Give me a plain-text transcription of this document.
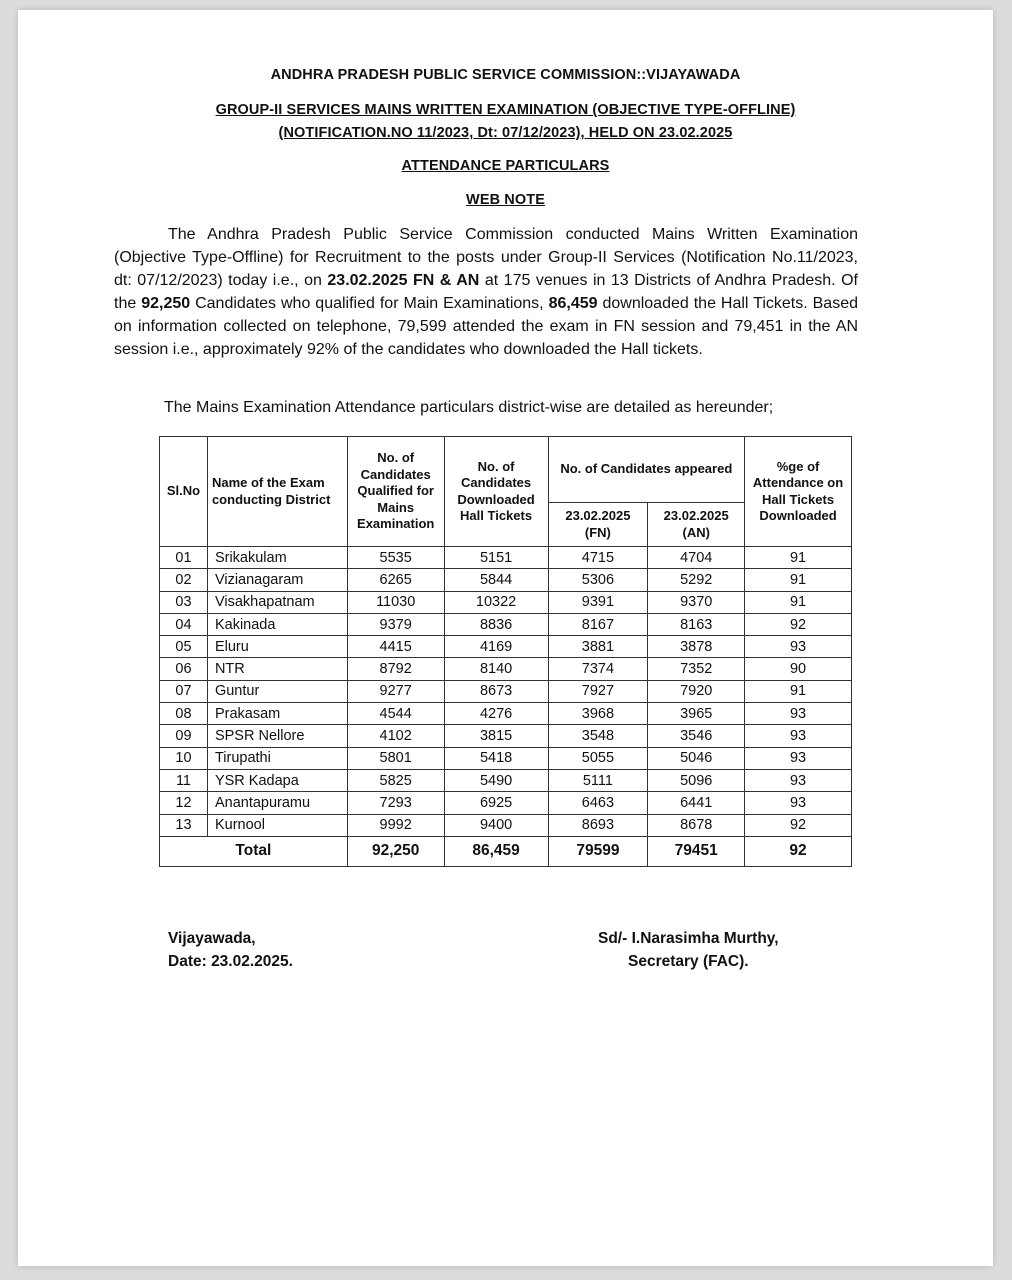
ANDHRA PRADESH PUBLIC SERVICE COMMISSION::VIJAYAWADA
GROUP-II SERVICES MAINS WRITTEN EXAMINATION (OBJECTIVE TYPE-OFFLINE)
(NOTIFICATION.NO 11/2023, Dt: 07/12/2023), HELD ON 23.02.2025
ATTENDANCE PARTICULARS
WEB NOTE
The Andhra Pradesh Public Service Commission conducted Mains Written Examination (Objective Type-Offline) for Recruitment to the posts under Group-II Services (Notification No.11/2023, dt: 07/12/2023) today i.e., on 23.02.2025 FN & AN at 175 venues in 13 Districts of Andhra Pradesh. Of the 92,250 Candidates who qualified for Main Examinations, 86,459 downloaded the Hall Tickets. Based on information collected on telephone, 79,599 attended the exam in FN session and 79,451 in the AN session i.e., approximately 92% of the candidates who downloaded the Hall tickets.
The Mains Examination Attendance particulars district-wise are detailed as hereunder;
Sl.No	Name of the Exam conducting District	No. of Candidates Qualified for Mains Examination	No. of Candidates Downloaded Hall Tickets	No. of Candidates appeared		%ge of Attendance on Hall Tickets Downloaded
				23.02.2025 (FN)	23.02.2025 (AN)	
01	Srikakulam	5535	5151	4715	4704	91
02	Vizianagaram	6265	5844	5306	5292	91
03	Visakhapatnam	11030	10322	9391	9370	91
04	Kakinada	9379	8836	8167	8163	92
05	Eluru	4415	4169	3881	3878	93
06	NTR	8792	8140	7374	7352	90
07	Guntur	9277	8673	7927	7920	91
08	Prakasam	4544	4276	3968	3965	93
09	SPSR Nellore	4102	3815	3548	3546	93
10	Tirupathi	5801	5418	5055	5046	93
11	YSR Kadapa	5825	5490	5111	5096	93
12	Anantapuramu	7293	6925	6463	6441	93
13	Kurnool	9992	9400	8693	8678	92
Total		92,250	86,459	79599	79451	92
Vijayawada,
Date: 23.02.2025.
Sd/- I.Narasimha Murthy,
Secretary (FAC).
